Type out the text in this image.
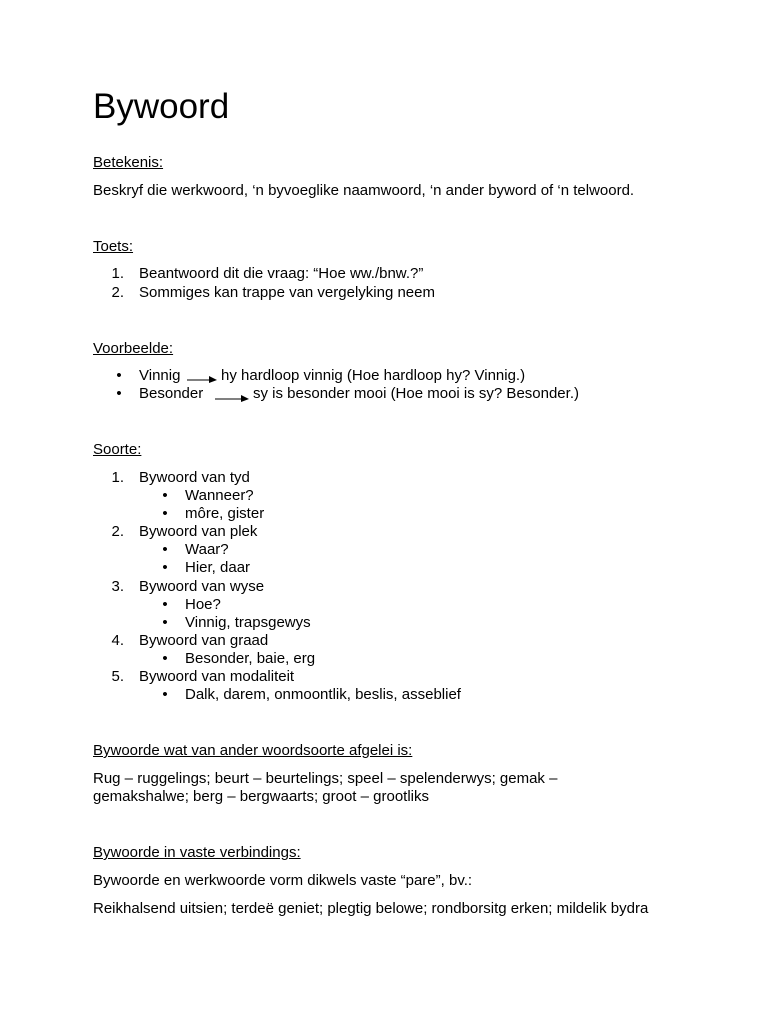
Bywoord
Betekenis:
Beskryf die werkwoord, ‘n byvoeglike naamwoord, ‘n ander byword of ‘n telwoord.
Toets:
1. Beantwoord dit die vraag: “Hoe ww./bnw.?”
2. Sommiges kan trappe van vergelyking neem
Voorbeelde:
• Vinnig	hy hardloop vinnig (Hoe hardloop hy? Vinnig.)
• Besonder	sy is besonder mooi (Hoe mooi is sy? Besonder.)
Soorte:
1. Bywoord van tyd
• Wanneer?
• môre, gister
2. Bywoord van plek
• Waar?
• Hier, daar
3. Bywoord van wyse
• Hoe?
• Vinnig, trapsgewys
4. Bywoord van graad
• Besonder, baie, erg
5. Bywoord van modaliteit
• Dalk, darem, onmoontlik, beslis, asseblief
Bywoorde wat van ander woordsoorte afgelei is:
Rug – ruggelings; beurt – beurtelings; speel – spelenderwys; gemak – gemakshalwe; berg – bergwaarts; groot – grootliks
Bywoorde in vaste verbindings:
Bywoorde en werkwoorde vorm dikwels vaste “pare”, bv.:
Reikhalsend uitsien; terdeë geniet; plegtig belowe; rondborsitg erken; mildelik bydra
